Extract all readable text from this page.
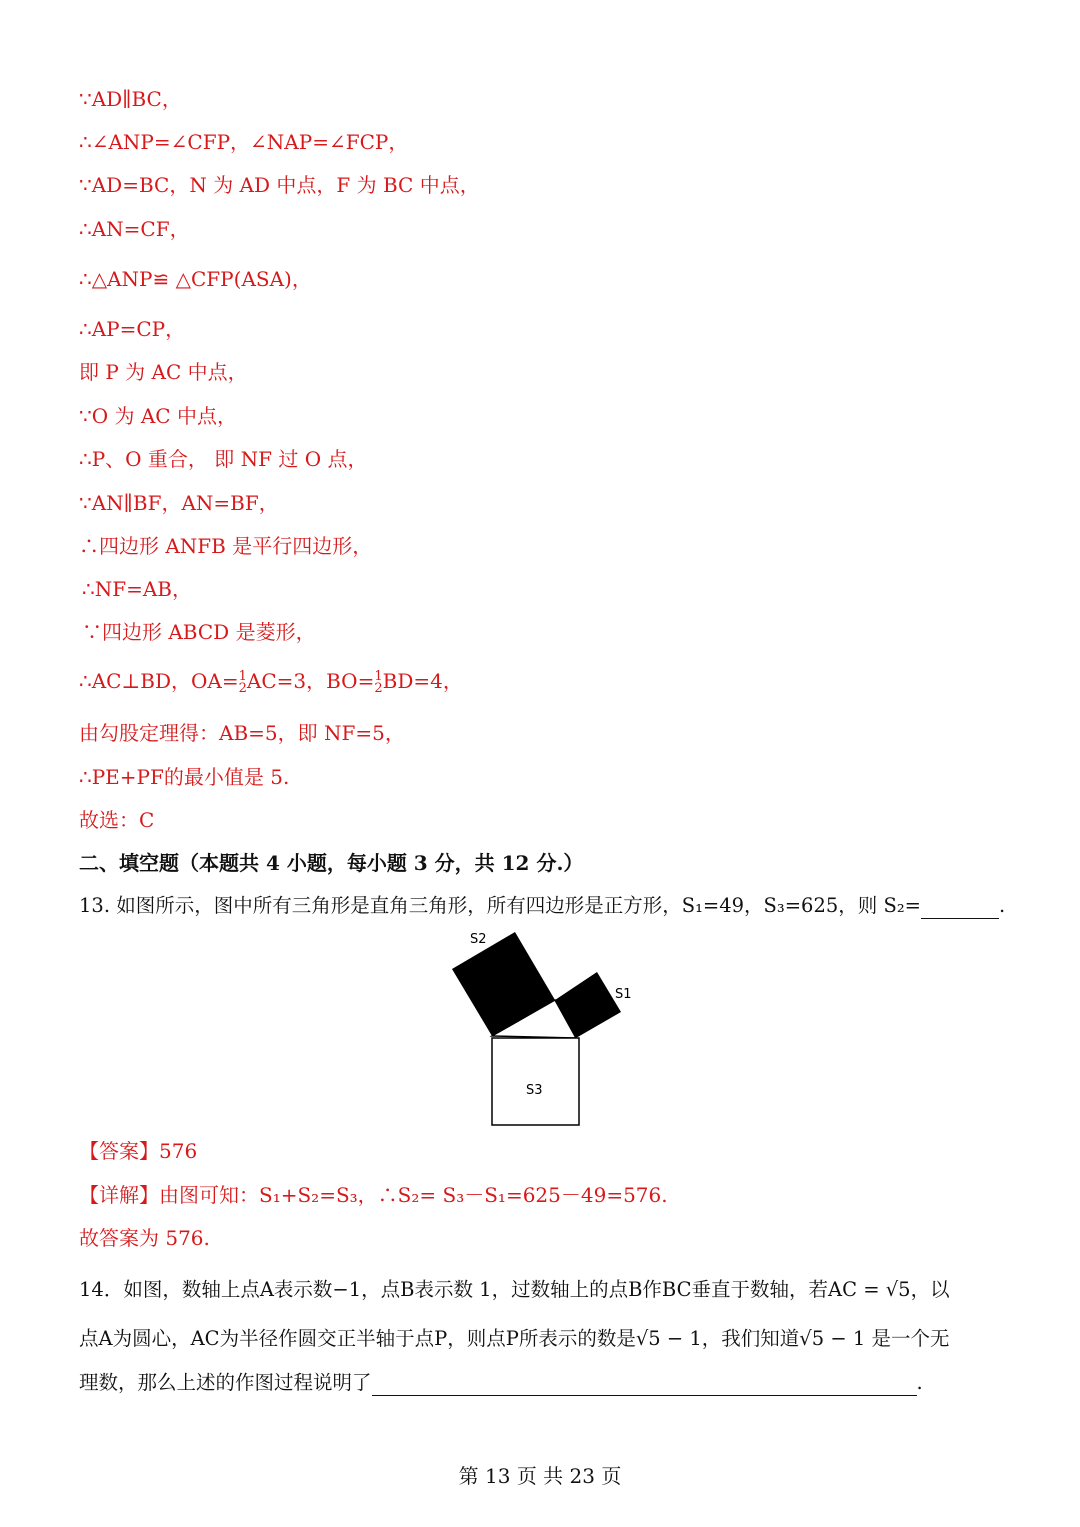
∵AD∥BC，
∴∠ANP=∠CFP，∠NAP=∠FCP，
∵AD=BC，N 为 AD 中点，F 为 BC 中点，
∴AN=CF，
∴△ANP≌ △CFP(ASA)，
∴AP=CP，
即 P 为 AC 中点，
∵O 为 AC 中点，
∴P、O 重合， 即 NF 过 O 点，
∵AN∥BF，AN=BF，
∴四边形 ANFB 是平行四边形，
∴NF=AB，
∵四边形 ABCD 是菱形，
∴AC⊥BD，OA= 1
2 AC=3，BO= 1
2 BD=4，
由勾股定理得：AB=5，即 NF=5，
∴PE+PF的最小值是 5.
故选：C
二、填空题（本题共 4 小题，每小题 3 分，共 12 分.）
13. 如图所示，图中所有三角形是直角三角形，所有四边形是正方形，S₁=49，S₃=625，则 S₂=	.
S2
S1
S3
【答案】576
【详解】由图可知：S₁+S₂=S₃，∴S₂= S₃－S₁=625－49=576.
故答案为 576.
14．如图，数轴上点A表示数−1，点B表示数 1，过数轴上的点B作BC垂直于数轴，若AC = √5，以
点A为圆心，AC为半径作圆交正半轴于点P，则点P所表示的数是√5 − 1，我们知道√5 − 1 是一个无
理数，那么上述的作图过程说明了	.
第 13 页 共 23 页
